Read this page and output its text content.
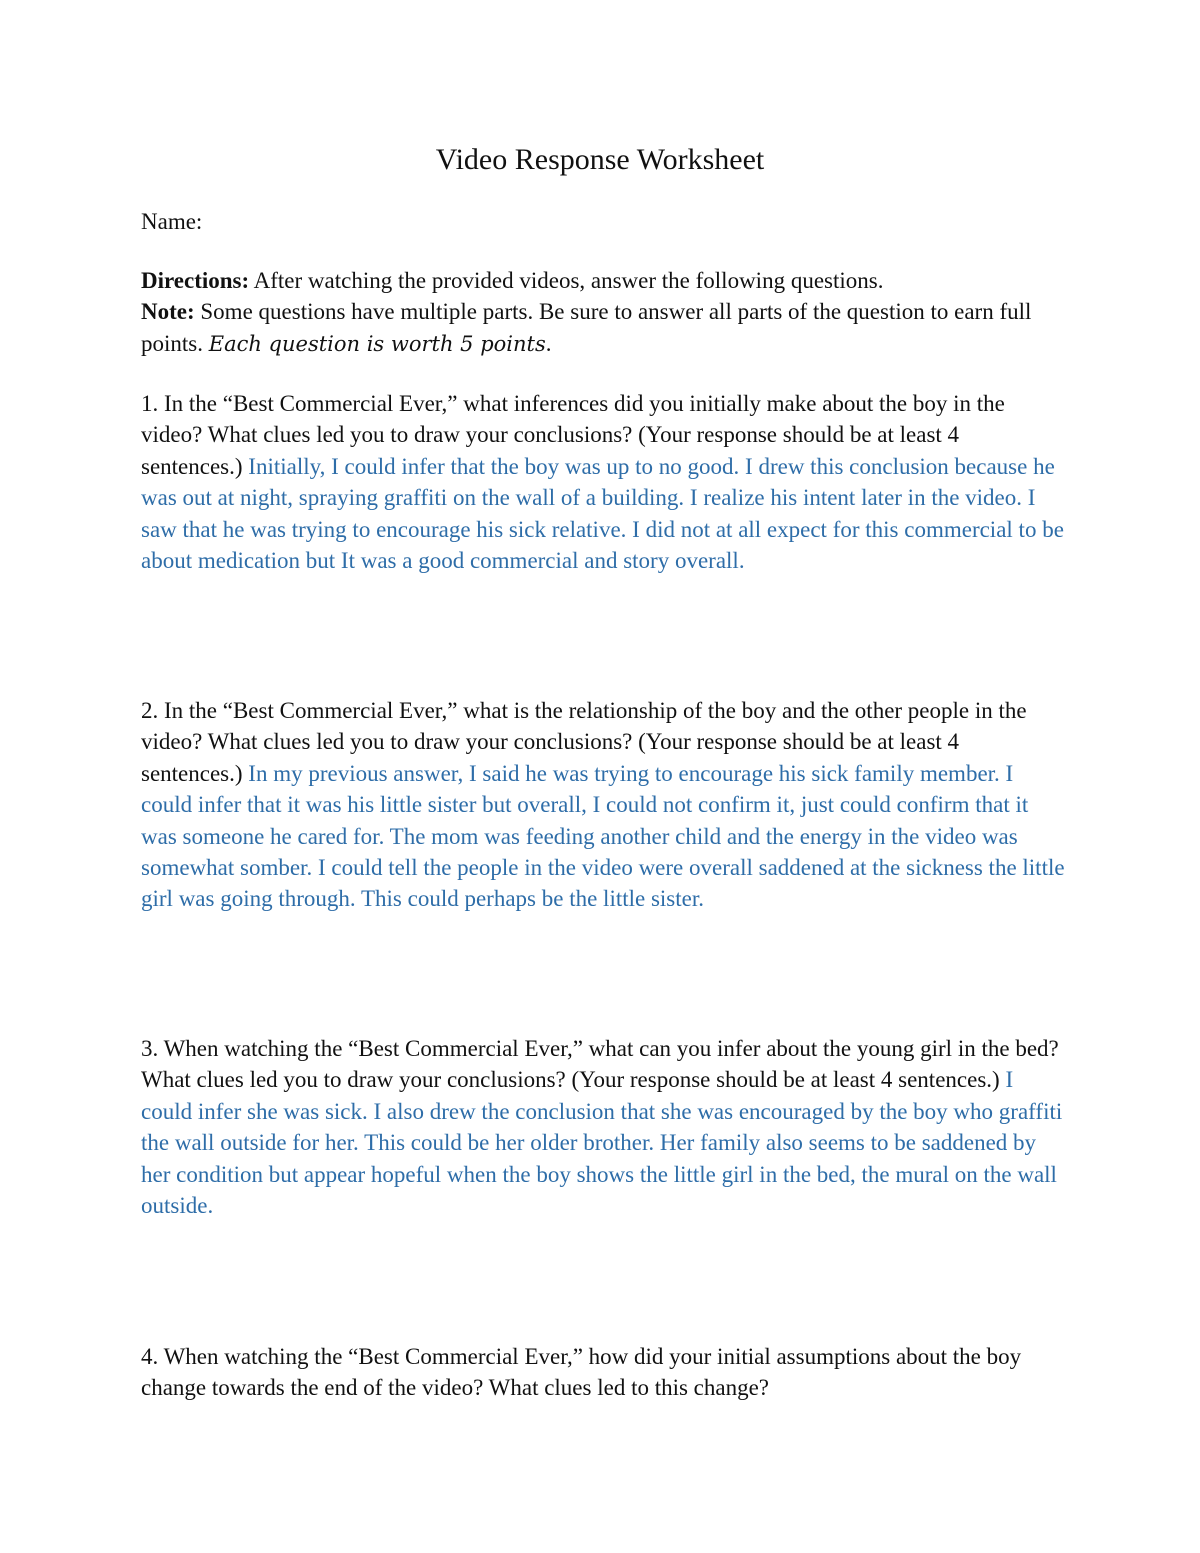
Video Response Worksheet

Name:

Directions: After watching the provided videos, answer the following questions.
Note: Some questions have multiple parts. Be sure to answer all parts of the question to earn full points. Each question is worth 5 points.

1. In the “Best Commercial Ever,” what inferences did you initially make about the boy in the video? What clues led you to draw your conclusions? (Your response should be at least 4 sentences.) Initially, I could infer that the boy was up to no good. I drew this conclusion because he was out at night, spraying graffiti on the wall of a building. I realize his intent later in the video. I saw that he was trying to encourage his sick relative. I did not at all expect for this commercial to be about medication but It was a good commercial and story overall.

2. In the “Best Commercial Ever,” what is the relationship of the boy and the other people in the video? What clues led you to draw your conclusions? (Your response should be at least 4 sentences.) In my previous answer, I said he was trying to encourage his sick family member. I could infer that it was his little sister but overall, I could not confirm it, just could confirm that it was someone he cared for. The mom was feeding another child and the energy in the video was somewhat somber. I could tell the people in the video were overall saddened at the sickness the little girl was going through. This could perhaps be the little sister.

3. When watching the “Best Commercial Ever,” what can you infer about the young girl in the bed? What clues led you to draw your conclusions? (Your response should be at least 4 sentences.) I could infer she was sick. I also drew the conclusion that she was encouraged by the boy who graffiti the wall outside for her. This could be her older brother. Her family also seems to be saddened by her condition but appear hopeful when the boy shows the little girl in the bed, the mural on the wall outside.

4. When watching the “Best Commercial Ever,” how did your initial assumptions about the boy change towards the end of the video? What clues led to this change?
